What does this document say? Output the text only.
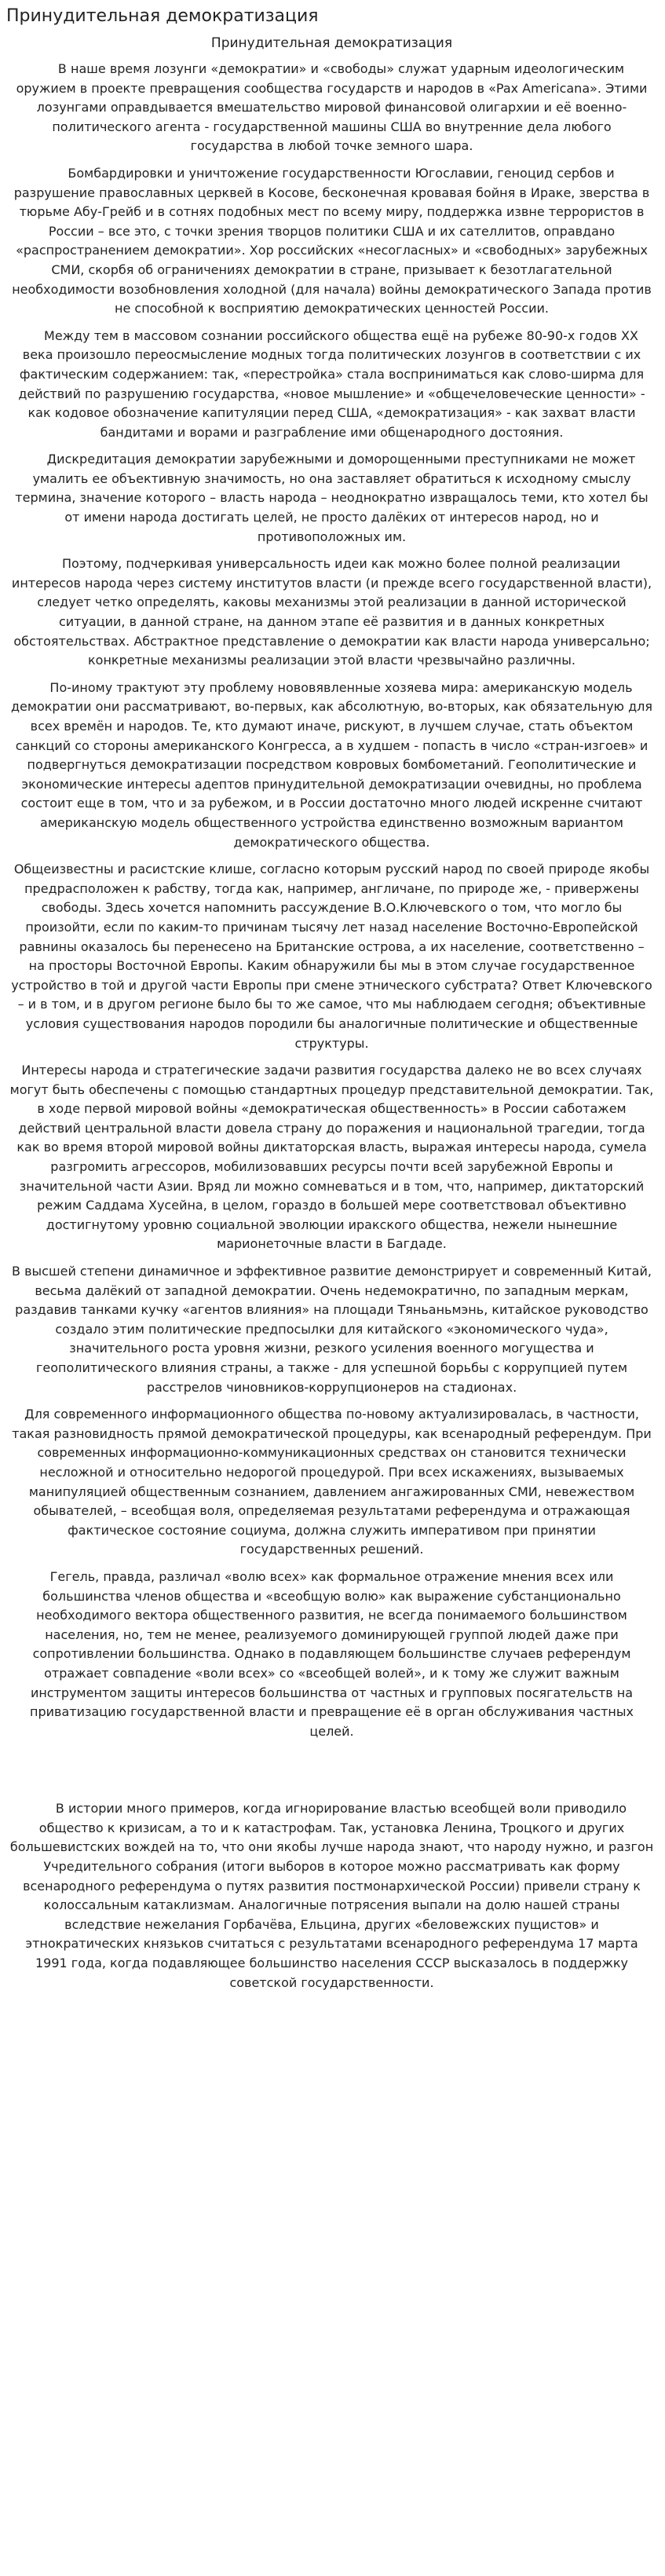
Принудительная демократизация
Принудительная демократизация

В наше время лозунги «демократии» и «свободы» служат ударным идеологическим оружием в проекте превращения сообщества государств и народов в «Pax Americana». Этими лозунгами оправдывается вмешательство мировой финансовой олигархии и её военно-политического агента - государственной машины США во внутренние дела любого государства в любой точке земного шара.

Бомбардировки и уничтожение государственности Югославии, геноцид сербов и разрушение православных церквей в Косове, бесконечная кровавая бойня в Ираке, зверства в тюрьме Абу-Грейб и в сотнях подобных мест по всему миру, поддержка извне террористов в России – все это, с точки зрения творцов политики США и их сателлитов, оправдано «распространением демократии». Хор российских «несогласных» и «свободных» зарубежных СМИ, скорбя об ограничениях демократии в стране, призывает к безотлагательной необходимости возобновления холодной (для начала) войны демократического Запада против не способной к восприятию демократических ценностей России.

Между тем в массовом сознании российского общества ещё на рубеже 80-90-х годов XX века произошло переосмысление модных тогда политических лозунгов в соответствии с их фактическим содержанием: так, «перестройка» стала восприниматься как слово-ширма для действий по разрушению государства, «новое мышление» и «общечеловеческие ценности» - как кодовое обозначение капитуляции перед США, «демократизация» - как захват власти бандитами и ворами и разграбление ими общенародного достояния.

Дискредитация демократии зарубежными и доморощенными преступниками не может умалить ее объективную значимость, но она заставляет обратиться к исходному смыслу термина, значение которого – власть народа – неоднократно извращалось теми, кто хотел бы от имени народа достигать целей, не просто далёких от интересов народ, но и противоположных им.

Поэтому, подчеркивая универсальность идеи как можно более полной реализации интересов народа через систему институтов власти (и прежде всего государственной власти), следует четко определять, каковы механизмы этой реализации в данной исторической ситуации, в данной стране, на данном этапе её развития и в данных конкретных обстоятельствах. Абстрактное представление о демократии как власти народа универсально; конкретные механизмы реализации этой власти чрезвычайно различны.

По-иному трактуют эту проблему нововявленные хозяева мира: американскую модель демократии они рассматривают, во-первых, как абсолютную, во-вторых, как обязательную для всех времён и народов. Те, кто думают иначе, рискуют, в лучшем случае, стать объектом санкций со стороны американского Конгресса, а в худшем - попасть в число «стран-изгоев» и подвергнуться демократизации посредством ковровых бомбометаний. Геополитические и экономические интересы адептов принудительной демократизации очевидны, но проблема состоит еще в том, что и за рубежом, и в России достаточно много людей искренне считают американскую модель общественного устройства единственно возможным вариантом демократического общества.

Общеизвестны и расистские клише, согласно которым русский народ по своей природе якобы предрасположен к рабству, тогда как, например, англичане, по природе же, - привержены свободы. Здесь хочется напомнить рассуждение В.О.Ключевского о том, что могло бы произойти, если по каким-то причинам тысячу лет назад население Восточно-Европейской равнины оказалось бы перенесено на Британские острова, а их население, соответственно – на просторы Восточной Европы. Каким обнаружили бы мы в этом случае государственное устройство в той и другой части Европы при смене этнического субстрата? Ответ Ключевского – и в том, и в другом регионе было бы то же самое, что мы наблюдаем сегодня; объективные условия существования народов породили бы аналогичные политические и общественные структуры.

Интересы народа и стратегические задачи развития государства далеко не во всех случаях могут быть обеспечены с помощью стандартных процедур представительной демократии. Так, в ходе первой мировой войны «демократическая общественность» в России саботажем действий центральной власти довела страну до поражения и национальной трагедии, тогда как во время второй мировой войны диктаторская власть, выражая интересы народа, сумела разгромить агрессоров, мобилизовавших ресурсы почти всей зарубежной Европы и значительной части Азии. Вряд ли можно сомневаться и в том, что, например, диктаторский режим Саддама Хусейна, в целом, гораздо в большей мере соответствовал объективно достигнутому уровню социальной эволюции иракского общества, нежели нынешние марионеточные власти в Багдаде.

В высшей степени динамичное и эффективное развитие демонстрирует и современный Китай, весьма далёкий от западной демократии. Очень недемократично, по западным меркам, раздавив танками кучку «агентов влияния» на площади Тяньаньмэнь, китайское руководство создало этим политические предпосылки для китайского «экономического чуда», значительного роста уровня жизни, резкого усиления военного могущества и геополитического влияния страны, а также - для успешной борьбы с коррупцией путем расстрелов чиновников-коррупционеров на стадионах.

Для современного информационного общества по-новому актуализировалась, в частности, такая разновидность прямой демократической процедуры, как всенародный референдум. При современных информационно-коммуникационных средствах он становится технически несложной и относительно недорогой процедурой. При всех искажениях, вызываемых манипуляцией общественным сознанием, давлением ангажированных СМИ, невежеством обывателей, – всеобщая воля, определяемая результатами референдума и отражающая фактическое состояние социума, должна служить императивом при принятии государственных решений.

Гегель, правда, различал «волю всех» как формальное отражение мнения всех или большинства членов общества и «всеобщую волю» как выражение субстанционально необходимого вектора общественного развития, не всегда понимаемого большинством населения, но, тем не менее, реализуемого доминирующей группой людей даже при сопротивлении большинства. Однако в подавляющем большинстве случаев референдум отражает совпадение «воли всех» со «всеобщей волей», и к тому же служит важным инструментом защиты интересов большинства от частных и групповых посягательств на приватизацию государственной власти и превращение её в орган обслуживания частных целей.

В истории много примеров, когда игнорирование властью всеобщей воли приводило общество к кризисам, а то и к катастрофам. Так, установка Ленина, Троцкого и других большевистских вождей на то, что они якобы лучше народа знают, что народу нужно, и разгон Учредительного собрания (итоги выборов в которое можно рассматривать как форму всенародного референдума о путях развития постмонархической России) привели страну к колоссальным катаклизмам. Аналогичные потрясения выпали на долю нашей страны вследствие нежелания Горбачёва, Ельцина, других «беловежских пущистов» и этнократических князьков считаться с результатами всенародного референдума 17 марта 1991 года, когда подавляющее большинство населения СССР высказалось в поддержку советской государственности.
